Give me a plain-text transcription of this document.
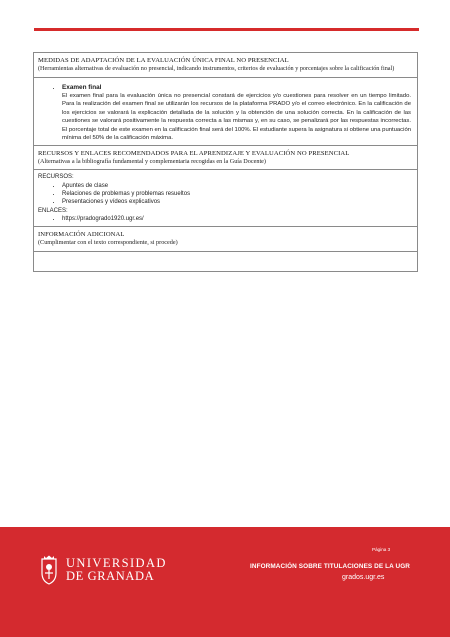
MEDIDAS DE ADAPTACIÓN DE LA EVALUACIÓN ÚNICA FINAL NO PRESENCIAL
(Herramientas alternativas de evaluación no presencial, indicando instrumentos, criterios de evaluación y porcentajes sobre la calificación final)
• Examen final

El examen final para la evaluación única no presencial constará de ejercicios y/o cuestiones para resolver en un tiempo limitado. Para la realización del examen final se utilizarán los recursos de la plataforma PRADO y/o el correo electrónico. En la calificación de los ejercicios se valorará la explicación detallada de la solución y la obtención de una solución correcta. En la calificación de las cuestiones se valorará positivamente la respuesta correcta a las mismas y, en su caso, se penalizará por las respuestas incorrectas. El porcentaje total de este examen en la calificación final será del 100%. El estudiante supera la asignatura si obtiene una puntuación mínima del 50% de la calificación máxima.

RECURSOS Y ENLACES RECOMENDADOS PARA EL APRENDIZAJE Y EVALUACIÓN NO PRESENCIAL
(Alternativas a la bibliografía fundamental y complementaria recogidas en la Guía Docente)
RECURSOS:
• Apuntes de clase
• Relaciones de problemas y problemas resueltos
• Presentaciones y vídeos explicativos
ENLACES:
• https://pradogrado1920.ugr.es/
INFORMACIÓN ADICIONAL
(Cumplimentar con el texto correspondiente, si procede)
UNIVERSIDAD
DE GRANADA
Página 3
INFORMACIÓN SOBRE TITULACIONES DE LA UGR
grados.ugr.es
